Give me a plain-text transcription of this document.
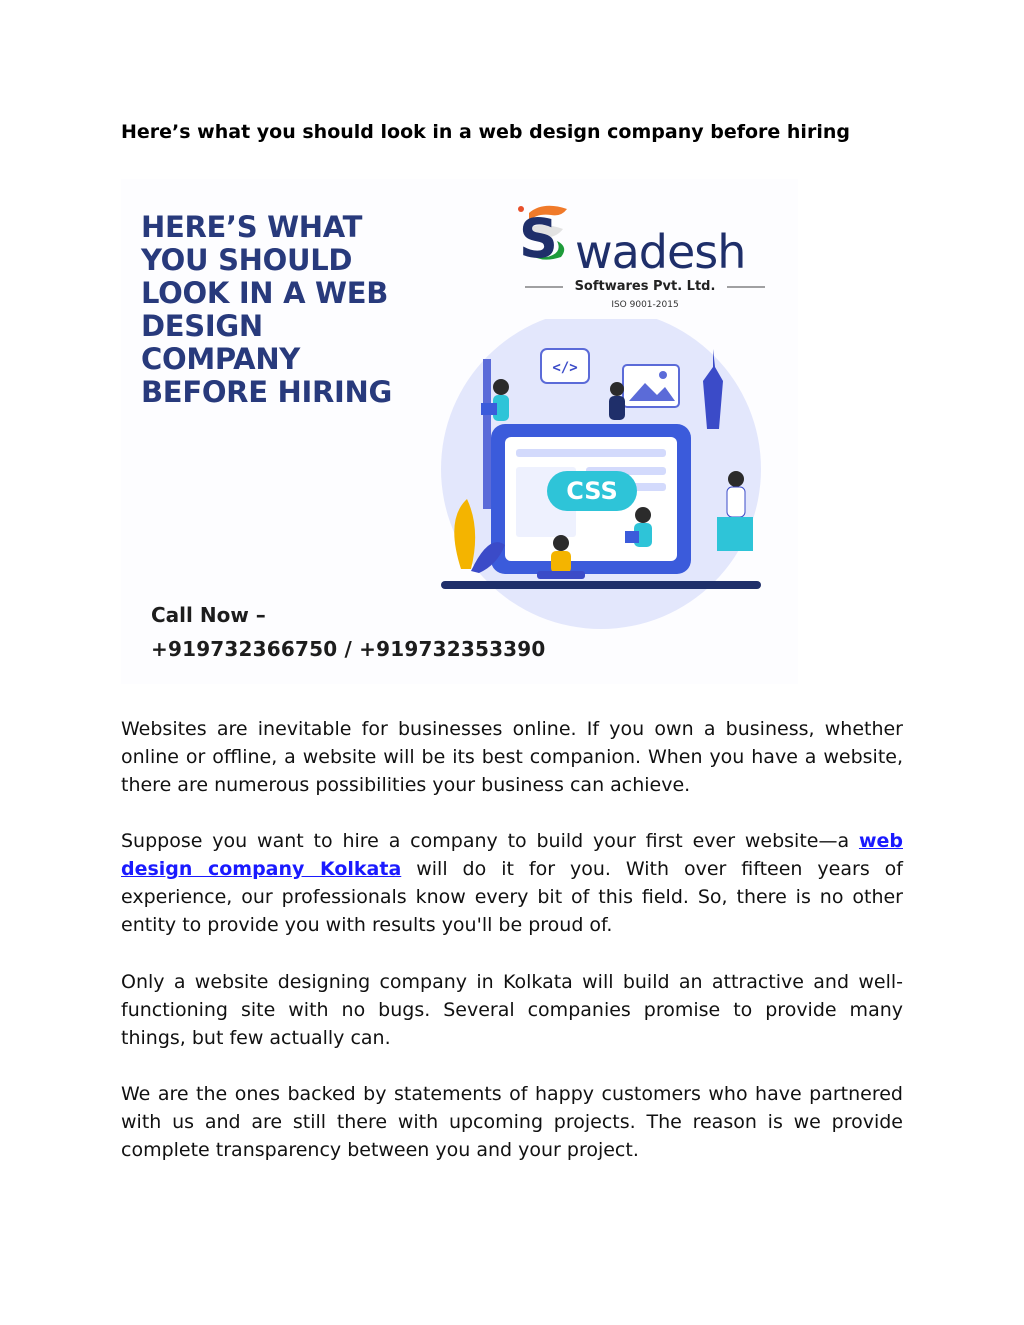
Here’s what you should look in a web design company before hiring
HERE’S WHAT
YOU SHOULD
LOOK IN A WEB
DESIGN
COMPANY
BEFORE HIRING
S wadesh
Softwares Pvt. Ltd.
ISO 9001-2015
CSS
</>
Call Now –
+919732366750 / +919732353390

Websites are inevitable for businesses online. If you own a business, whether online or offline, a website will be its best companion. When you have a website, there are numerous possibilities your business can achieve.

Suppose you want to hire a company to build your first ever website—a web design company Kolkata will do it for you. With over fifteen years of experience, our professionals know every bit of this field. So, there is no other entity to provide you with results you'll be proud of.

Only a website designing company in Kolkata will build an attractive and well-functioning site with no bugs. Several companies promise to provide many things, but few actually can.

We are the ones backed by statements of happy customers who have partnered with us and are still there with upcoming projects. The reason is we provide complete transparency between you and your project.
